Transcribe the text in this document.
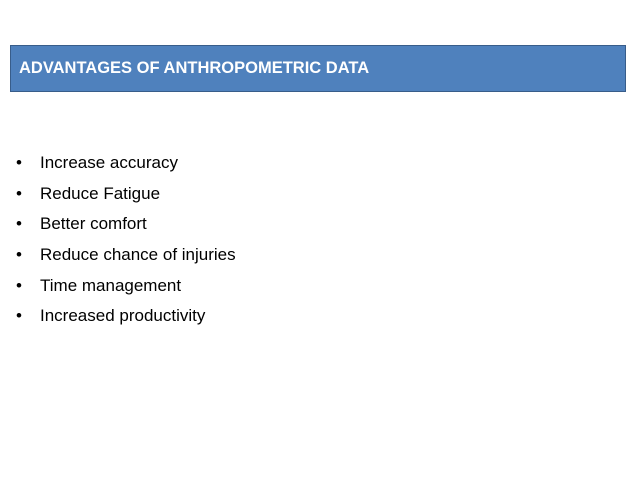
ADVANTAGES OF ANTHROPOMETRIC DATA
•	Increase accuracy
•	Reduce Fatigue
•	Better comfort
•	Reduce chance of injuries
•	Time management
•	Increased productivity
